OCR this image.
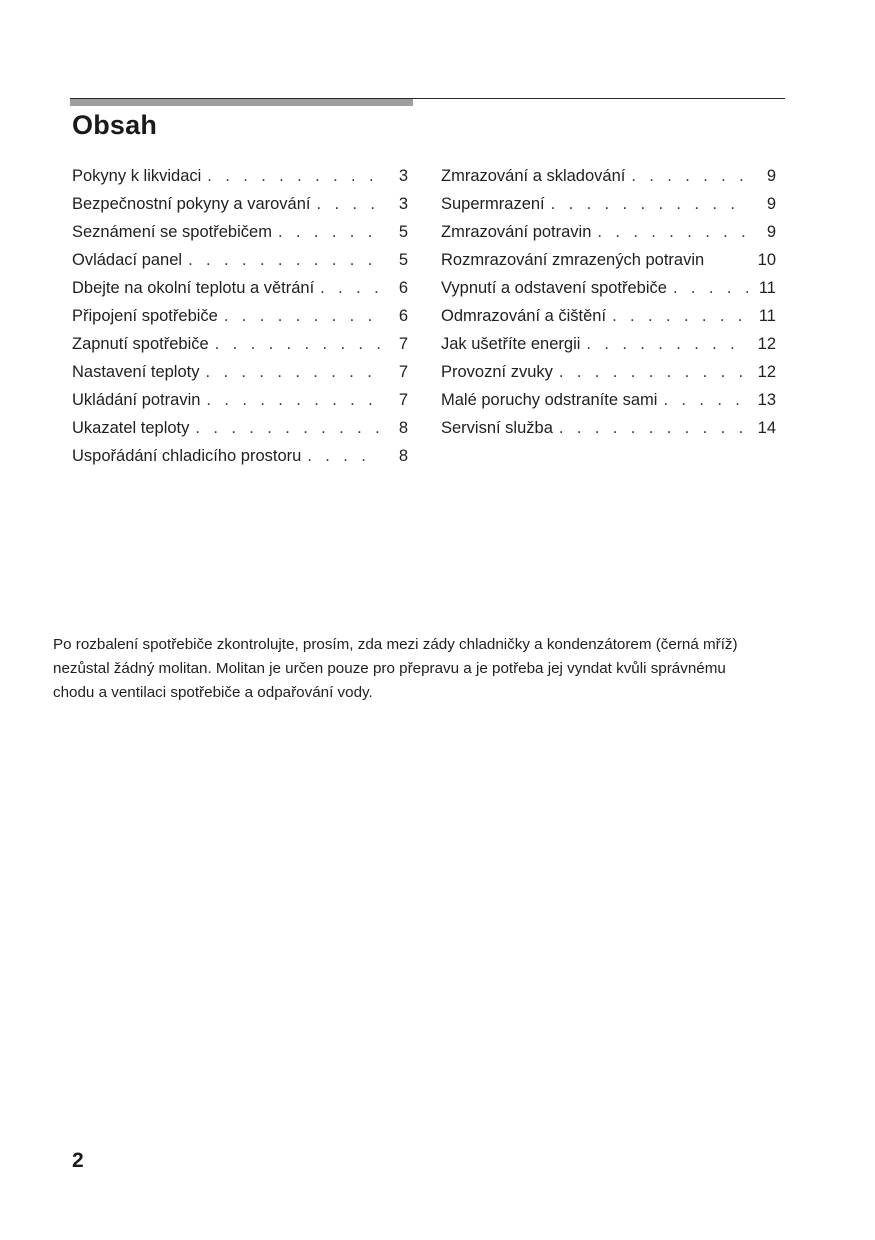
Obsah
Pokyny k likvidaci . . .	3
Bezpečnostní pokyny a varování . . .	3
Seznámení se spotřebičem . . .	5
Ovládací panel . . .	5
Dbejte na okolní teplotu a větrání . . .	6
Připojení spotřebiče . . .	6
Zapnutí spotřebiče . . .	7
Nastavení teploty . . .	7
Ukládání potravin . . .	7
Ukazatel teploty . . .	8
Uspořádání chladicího prostoru . . .	8
Zmrazování a skladování . . .	9
Supermrazení . . .	9
Zmrazování potravin . . .	9
Rozmrazování zmrazených potravin	10
Vypnutí a odstavení spotřebiče . . .	11
Odmrazování a čištění . . .	11
Jak ušetříte energii . . .	12
Provozní zvuky . . .	12
Malé poruchy odstraníte sami . . .	13
Servisní služba . . .	14

Po rozbalení spotřebiče zkontrolujte, prosím, zda mezi zády chladničky a kondenzátorem (černá mříž)
nezůstal žádný molitan. Molitan je určen pouze pro přepravu a je potřeba jej vyndat kvůli správnému
chodu a ventilaci spotřebiče a odpařování vody.

2
